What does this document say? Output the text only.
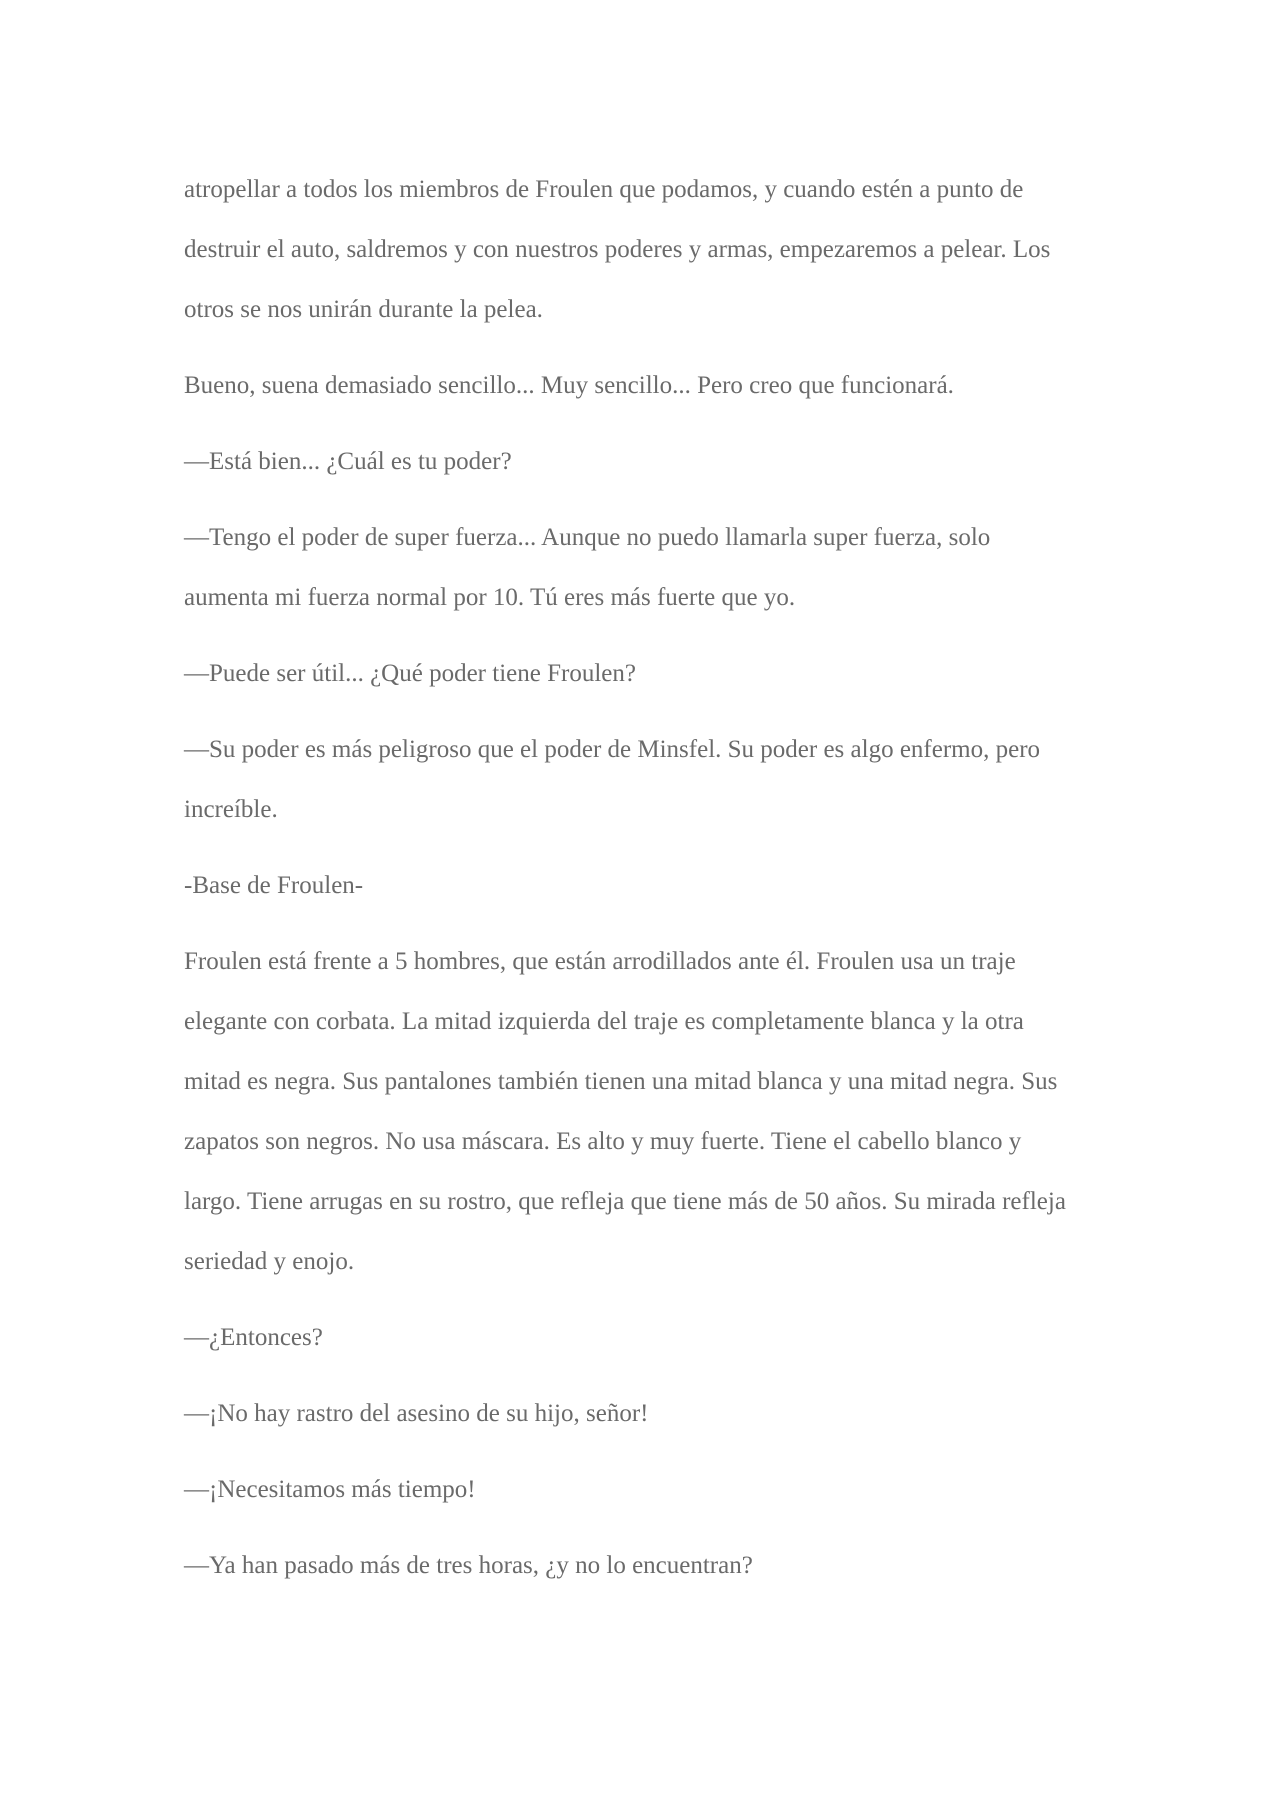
atropellar a todos los miembros de Froulen que podamos, y cuando estén a punto de
destruir el auto, saldremos y con nuestros poderes y armas, empezaremos a pelear. Los
otros se nos unirán durante la pelea.
Bueno, suena demasiado sencillo... Muy sencillo... Pero creo que funcionará.
—Está bien... ¿Cuál es tu poder?
—Tengo el poder de super fuerza... Aunque no puedo llamarla super fuerza, solo
aumenta mi fuerza normal por 10. Tú eres más fuerte que yo.
—Puede ser útil... ¿Qué poder tiene Froulen?
—Su poder es más peligroso que el poder de Minsfel. Su poder es algo enfermo, pero
increíble.
-Base de Froulen-
Froulen está frente a 5 hombres, que están arrodillados ante él. Froulen usa un traje
elegante con corbata. La mitad izquierda del traje es completamente blanca y la otra
mitad es negra. Sus pantalones también tienen una mitad blanca y una mitad negra. Sus
zapatos son negros. No usa máscara. Es alto y muy fuerte. Tiene el cabello blanco y
largo. Tiene arrugas en su rostro, que refleja que tiene más de 50 años. Su mirada refleja
seriedad y enojo.
—¿Entonces?
—¡No hay rastro del asesino de su hijo, señor!
—¡Necesitamos más tiempo!
—Ya han pasado más de tres horas, ¿y no lo encuentran?
